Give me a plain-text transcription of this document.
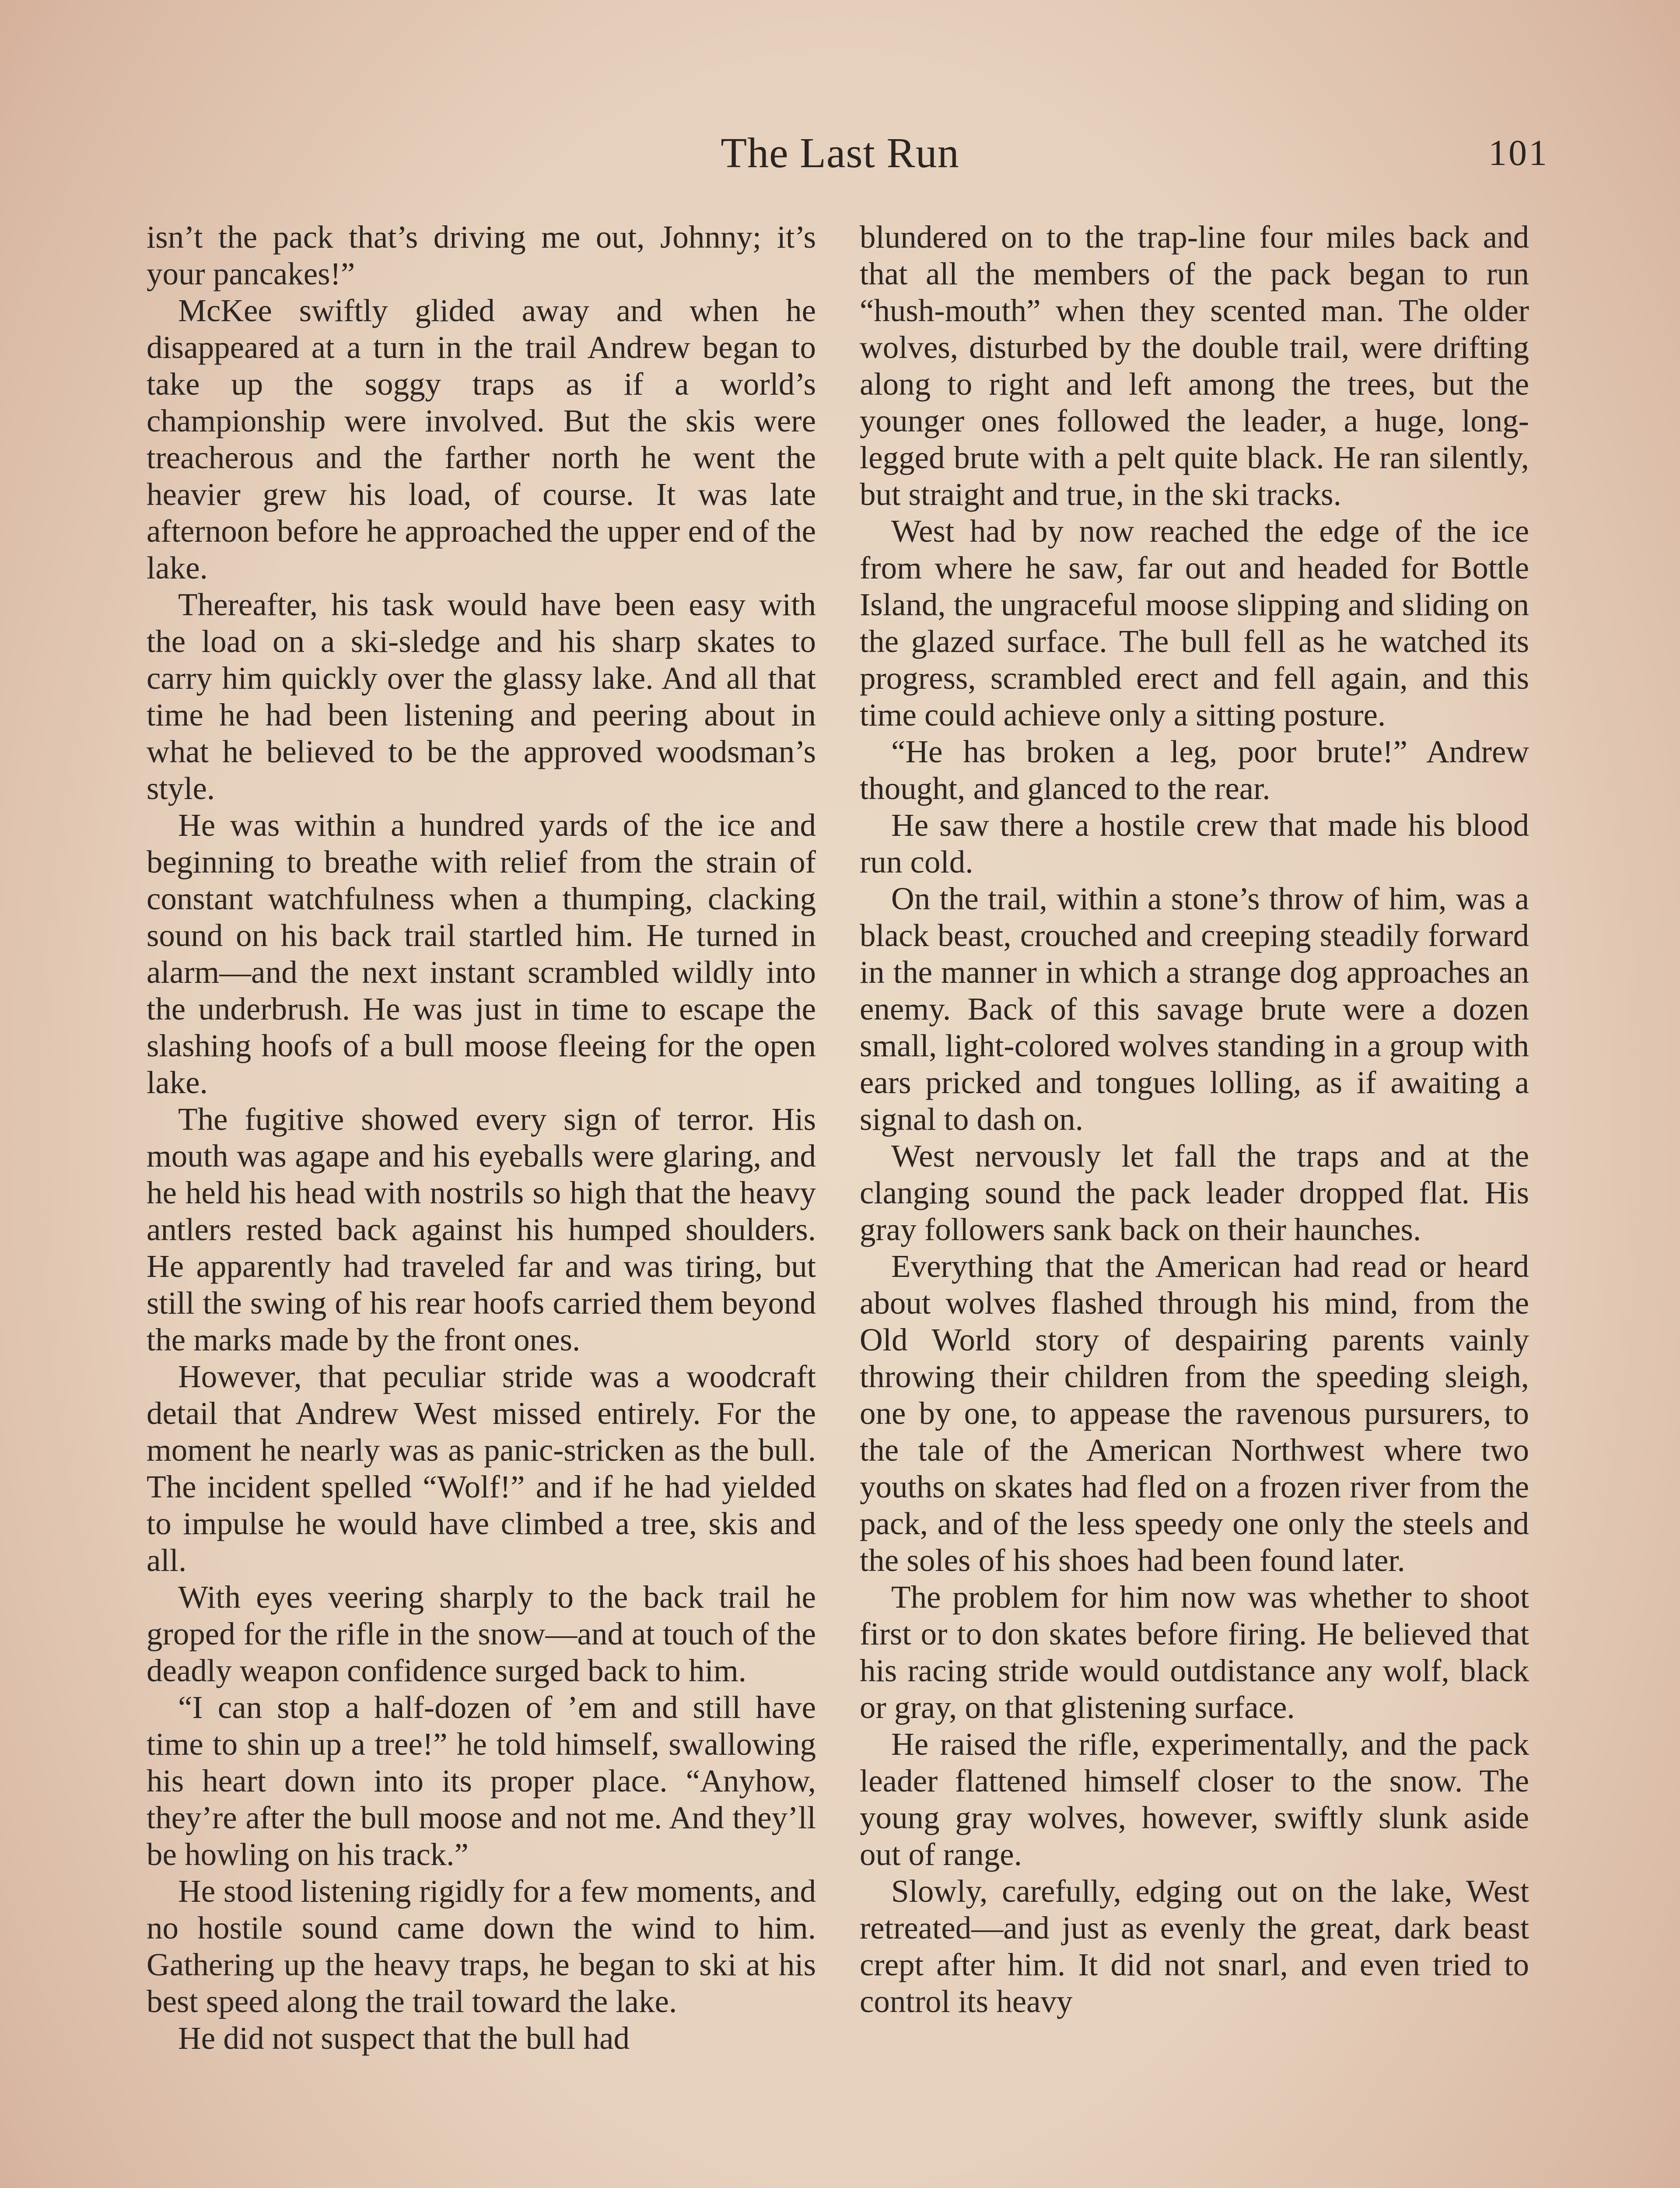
The Last Run	101

isn’t the pack that’s driving me out, Johnny; it’s your pancakes!”

McKee swiftly glided away and when he disappeared at a turn in the trail Andrew began to take up the soggy traps as if a world’s championship were involved. But the skis were treacherous and the farther north he went the heavier grew his load, of course. It was late afternoon before he approached the upper end of the lake.

Thereafter, his task would have been easy with the load on a ski-sledge and his sharp skates to carry him quickly over the glassy lake. And all that time he had been listening and peering about in what he believed to be the approved woodsman’s style.

He was within a hundred yards of the ice and beginning to breathe with relief from the strain of constant watchfulness when a thumping, clacking sound on his back trail startled him. He turned in alarm—and the next instant scrambled wildly into the underbrush. He was just in time to escape the slashing hoofs of a bull moose fleeing for the open lake.

The fugitive showed every sign of terror. His mouth was agape and his eyeballs were glaring, and he held his head with nostrils so high that the heavy antlers rested back against his humped shoulders. He apparently had traveled far and was tiring, but still the swing of his rear hoofs carried them beyond the marks made by the front ones.

However, that peculiar stride was a woodcraft detail that Andrew West missed entirely. For the moment he nearly was as panic-stricken as the bull. The incident spelled “Wolf!” and if he had yielded to impulse he would have climbed a tree, skis and all.

With eyes veering sharply to the back trail he groped for the rifle in the snow—and at touch of the deadly weapon confidence surged back to him.

“I can stop a half-dozen of ’em and still have time to shin up a tree!” he told himself, swallowing his heart down into its proper place. “Anyhow, they’re after the bull moose and not me. And they’ll be howling on his track.”

He stood listening rigidly for a few moments, and no hostile sound came down the wind to him. Gathering up the heavy traps, he began to ski at his best speed along the trail toward the lake.

He did not suspect that the bull had

blundered on to the trap-line four miles back and that all the members of the pack began to run “hush-mouth” when they scented man. The older wolves, disturbed by the double trail, were drifting along to right and left among the trees, but the younger ones followed the leader, a huge, long-legged brute with a pelt quite black. He ran silently, but straight and true, in the ski tracks.

West had by now reached the edge of the ice from where he saw, far out and headed for Bottle Island, the ungraceful moose slipping and sliding on the glazed surface. The bull fell as he watched its progress, scrambled erect and fell again, and this time could achieve only a sitting posture.

“He has broken a leg, poor brute!” Andrew thought, and glanced to the rear.

He saw there a hostile crew that made his blood run cold.

On the trail, within a stone’s throw of him, was a black beast, crouched and creeping steadily forward in the manner in which a strange dog approaches an enemy. Back of this savage brute were a dozen small, light-colored wolves standing in a group with ears pricked and tongues lolling, as if awaiting a signal to dash on.

West nervously let fall the traps and at the clanging sound the pack leader dropped flat. His gray followers sank back on their haunches.

Everything that the American had read or heard about wolves flashed through his mind, from the Old World story of despairing parents vainly throwing their children from the speeding sleigh, one by one, to appease the ravenous pursurers, to the tale of the American Northwest where two youths on skates had fled on a frozen river from the pack, and of the less speedy one only the steels and the soles of his shoes had been found later.

The problem for him now was whether to shoot first or to don skates before firing. He believed that his racing stride would outdistance any wolf, black or gray, on that glistening surface.

He raised the rifle, experimentally, and the pack leader flattened himself closer to the snow. The young gray wolves, however, swiftly slunk aside out of range.

Slowly, carefully, edging out on the lake, West retreated—and just as evenly the great, dark beast crept after him. It did not snarl, and even tried to control its heavy
